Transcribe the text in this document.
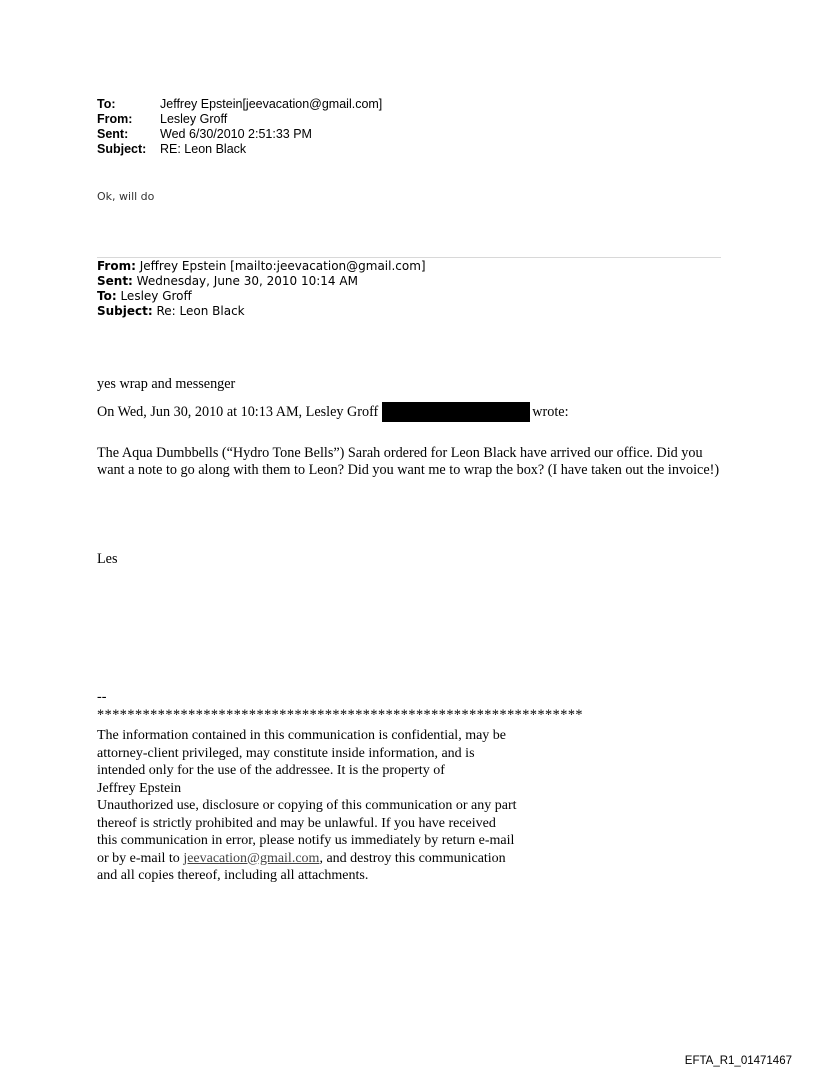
To:	Jeffrey Epstein[jeevacation@gmail.com]
From:	Lesley Groff
Sent:	Wed 6/30/2010 2:51:33 PM
Subject:	RE: Leon Black
Ok, will do
From: Jeffrey Epstein [mailto:jeevacation@gmail.com]
Sent: Wednesday, June 30, 2010 10:14 AM
To: Lesley Groff
Subject: Re: Leon Black
yes wrap and messenger
On Wed, Jun 30, 2010 at 10:13 AM, Lesley Groff	wrote:
The Aqua Dumbbells (“Hydro Tone Bells”) Sarah ordered for Leon Black have arrived our office. Did you want a note to go along with them to Leon? Did you want me to wrap the box? (I have taken out the invoice!)
Les
--
****************************************************************
The information contained in this communication is confidential, may be attorney-client privileged, may constitute inside information, and is intended only for the use of the addressee. It is the property of
Jeffrey Epstein
Unauthorized use, disclosure or copying of this communication or any part thereof is strictly prohibited and may be unlawful. If you have received this communication in error, please notify us immediately by return e-mail or by e-mail to jeevacation@gmail.com, and destroy this communication and all copies thereof, including all attachments.
EFTA_R1_01471467
